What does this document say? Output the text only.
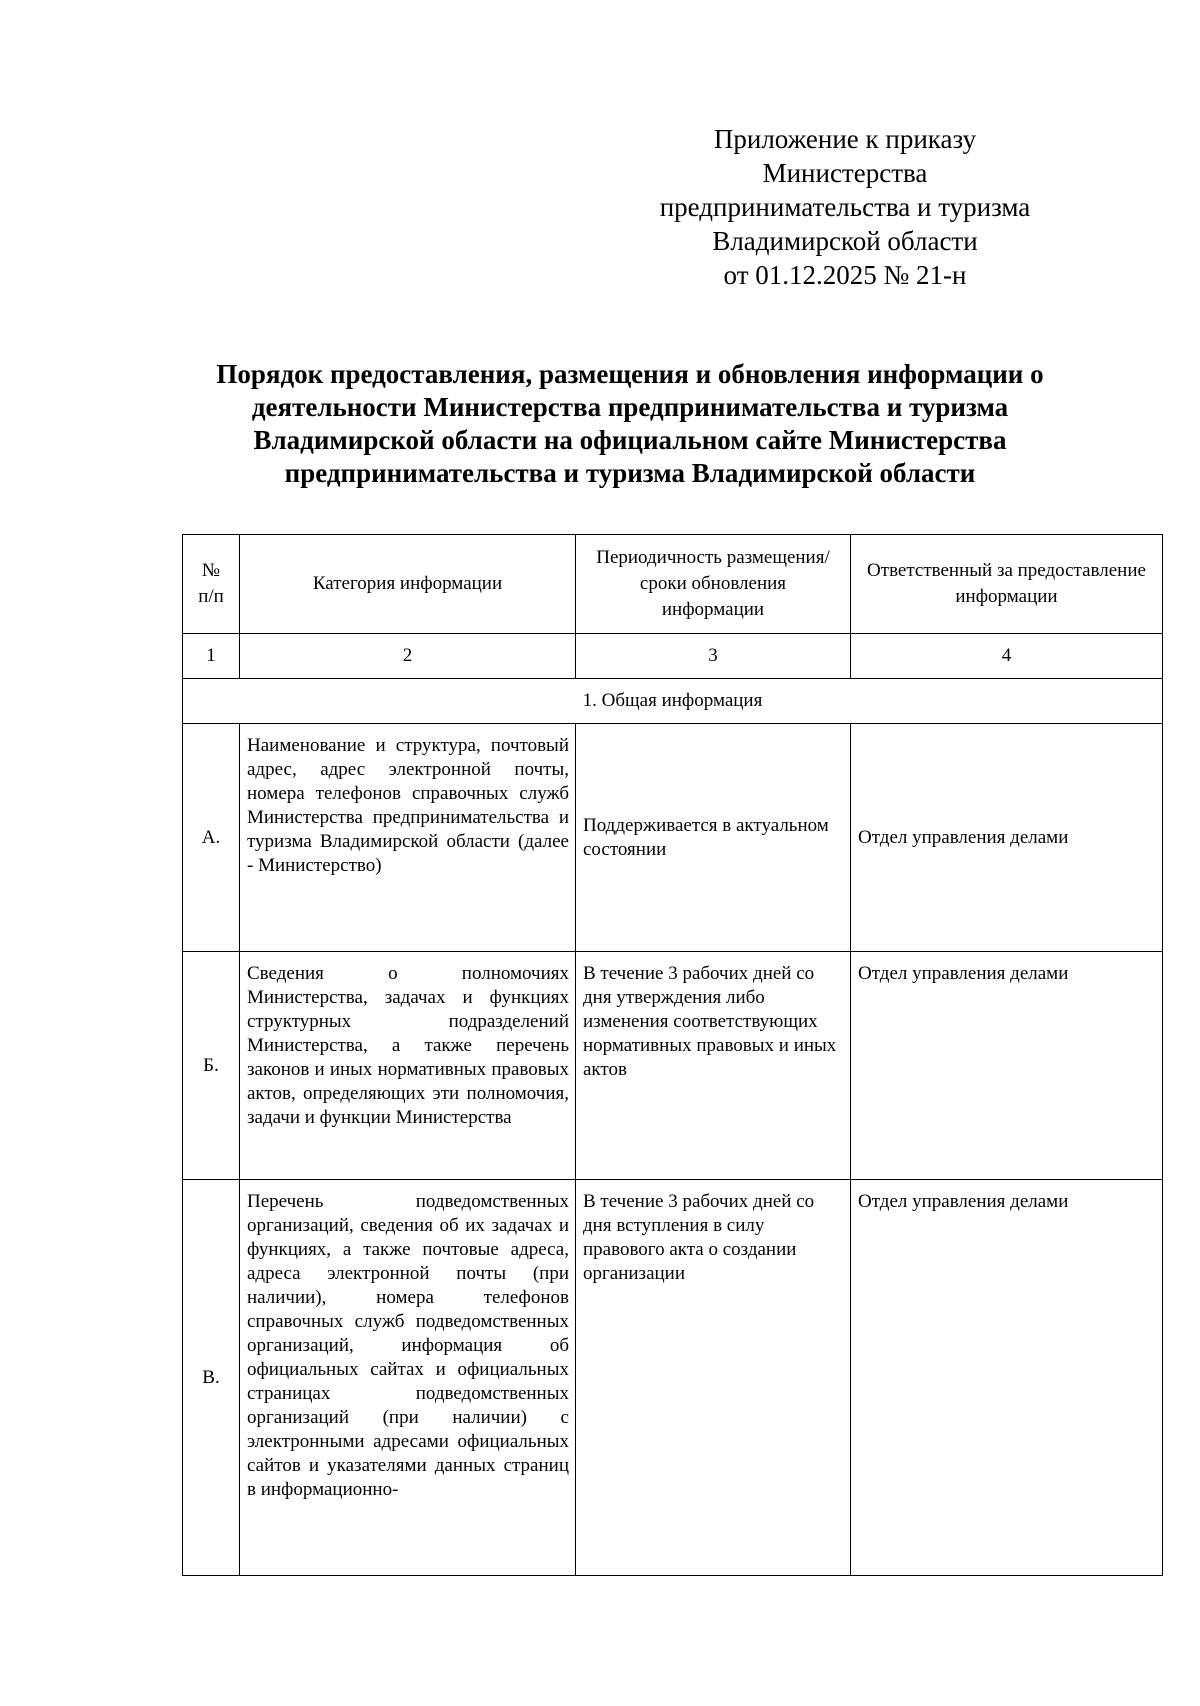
Приложение к приказу
Министерства
предпринимательства и туризма
Владимирской области
от 01.12.2025 № 21-н
Порядок предоставления, размещения и обновления информации о
деятельности Министерства предпринимательства и туризма
Владимирской области на официальном сайте Министерства
предпринимательства и туризма Владимирской области
№ п/п	Категория информации	Периодичность размещения/ сроки обновления информации	Ответственный за предоставление информации
1	2	3	4
1. Общая информация			
А.	Наименование и структура, почтовый адрес, адрес электронной почты, номера телефонов справочных служб Министерства предпринимательства и туризма Владимирской области (далее - Министерство)	Поддерживается в актуальном состоянии	Отдел управления делами
Б.	Сведения о полномочиях Министерства, задачах и функциях структурных подразделений Министерства, а также перечень законов и иных нормативных правовых актов, определяющих эти полномочия, задачи и функции Министерства	В течение 3 рабочих дней со дня утверждения либо изменения соответствующих нормативных правовых и иных актов	Отдел управления делами
В.	Перечень подведомственных организаций, сведения об их задачах и функциях, а также почтовые адреса, адреса электронной почты (при наличии), номера телефонов справочных служб подведомственных организаций, информация об официальных сайтах и официальных страницах подведомственных организаций (при наличии) с электронными адресами официальных сайтов и указателями данных страниц в информационно-	В течение 3 рабочих дней со дня вступления в силу правового акта о создании организации	Отдел управления делами
